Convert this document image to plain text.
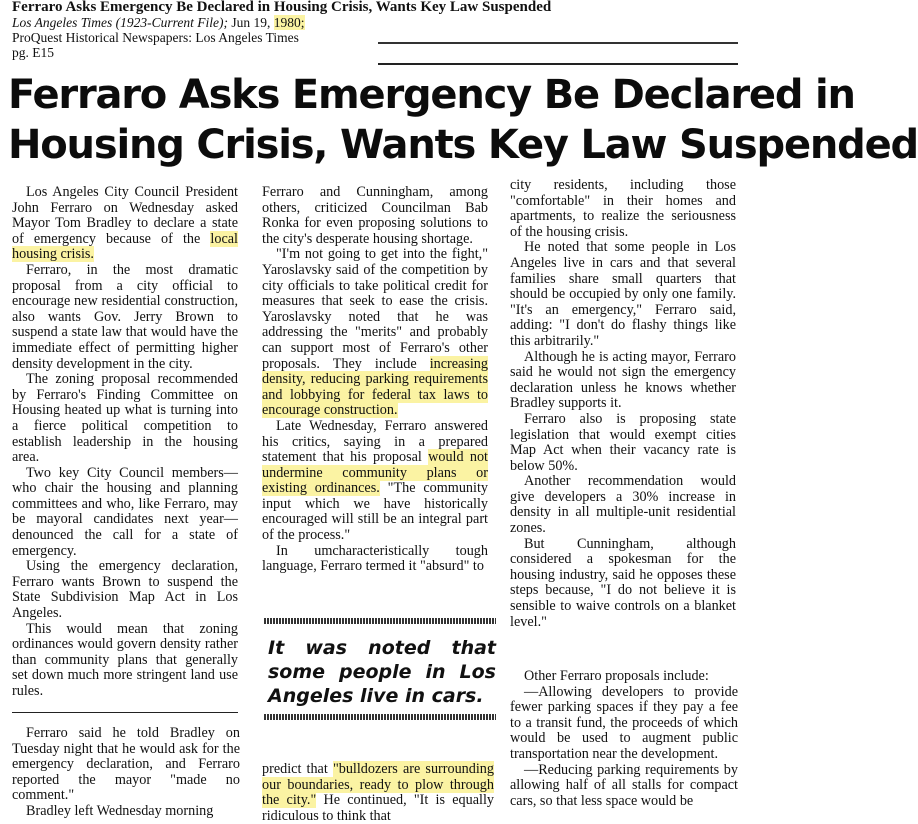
Ferraro Asks Emergency Be Declared in Housing Crisis, Wants Key Law Suspended
Los Angeles Times (1923-Current File); Jun 19, 1980;
ProQuest Historical Newspapers: Los Angeles Times
pg. E15
Ferraro Asks Emergency Be Declared in
Housing Crisis, Wants Key Law Suspended

Los Angeles City Council President John Ferraro on Wednesday asked Mayor Tom Bradley to declare a state of emergency because of the local housing crisis.

Ferraro, in the most dramatic proposal from a city official to encourage new residential construction, also wants Gov. Jerry Brown to suspend a state law that would have the immediate effect of permitting higher density development in the city.

The zoning proposal recommended by Ferraro's Finding Committee on Housing heated up what is turning into a fierce political competition to establish leadership in the housing area.

Two key City Council members—who chair the housing and planning committees and who, like Ferraro, may be mayoral candidates next year—denounced the call for a state of emergency.

Using the emergency declaration, Ferraro wants Brown to suspend the State Subdivision Map Act in Los Angeles.

This would mean that zoning ordinances would govern density rather than community plans that generally set down much more stringent land use rules.

Ferraro said he told Bradley on Tuesday night that he would ask for the emergency declaration, and Ferraro reported the mayor "made no comment."

Bradley left Wednesday morning

Ferraro and Cunningham, among others, criticized Councilman Bab Ronka for even proposing solutions to the city's desperate housing shortage.

"I'm not going to get into the fight," Yaroslavsky said of the competition by city officials to take political credit for measures that seek to ease the crisis. Yaroslavsky noted that he was addressing the "merits" and probably can support most of Ferraro's other proposals. They include increasing density, reducing parking requirements and lobbying for federal tax laws to encourage construction.

Late Wednesday, Ferraro answered his critics, saying in a prepared statement that his proposal would not undermine community plans or existing ordinances. "The community input which we have historically encouraged will still be an integral part of the process."

In umcharacteristically tough language, Ferraro termed it "absurd" to

It was noted that some people in Los Angeles live in cars.

predict that "bulldozers are surrounding our boundaries, ready to plow through the city." He continued, "It is equally ridiculous to think that

city residents, including those "comfortable" in their homes and apartments, to realize the seriousness of the housing crisis.

He noted that some people in Los Angeles live in cars and that several families share small quarters that should be occupied by only one family. "It's an emergency," Ferraro said, adding: "I don't do flashy things like this arbitrarily."

Although he is acting mayor, Ferraro said he would not sign the emergency declaration unless he knows whether Bradley supports it.

Ferraro also is proposing state legislation that would exempt cities Map Act when their vacancy rate is below 50%.

Another recommendation would give developers a 30% increase in density in all multiple-unit residential zones.

But Cunningham, although considered a spokesman for the housing industry, said he opposes these steps because, "I do not believe it is sensible to waive controls on a blanket level."

Other Ferraro proposals include:

—Allowing developers to provide fewer parking spaces if they pay a fee to a transit fund, the proceeds of which would be used to augment public transportation near the development.

—Reducing parking requirements by allowing half of all stalls for compact cars, so that less space would be
